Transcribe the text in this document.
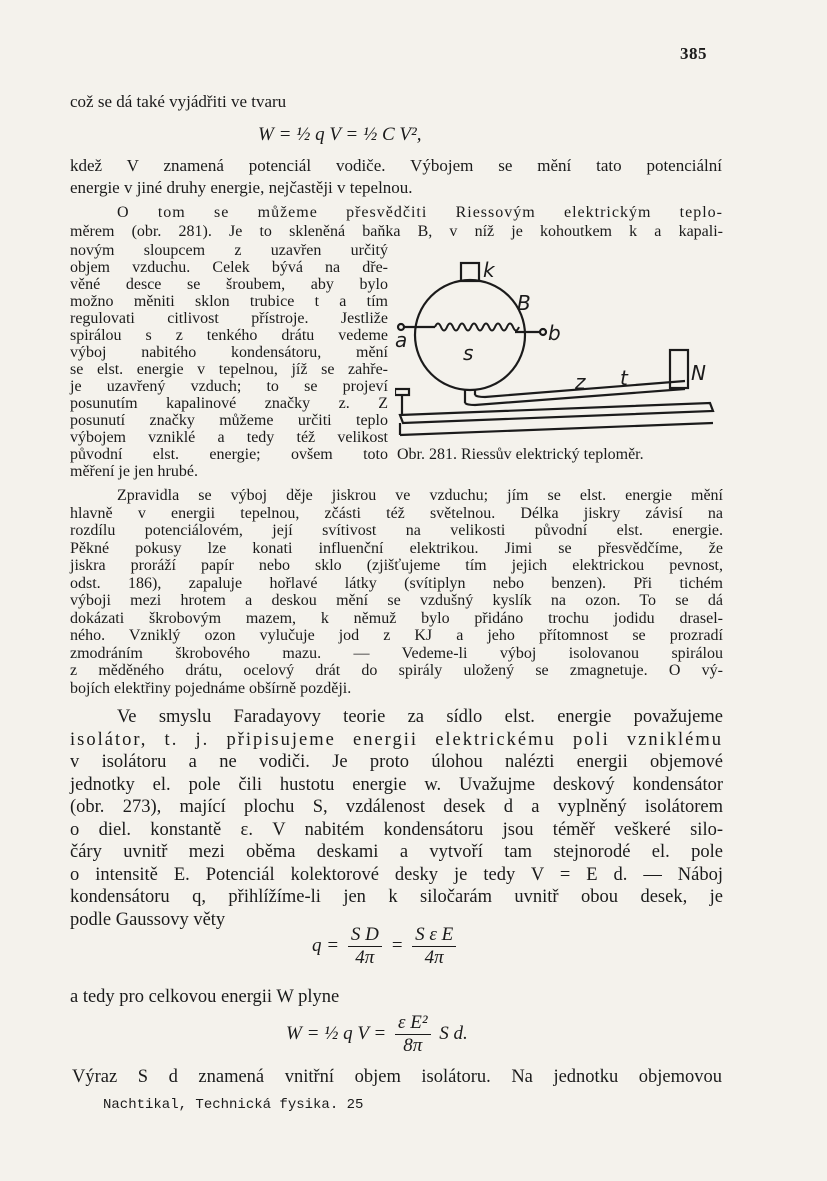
385
což se dá také vyjádřiti ve tvaru
W = ½ q V = ½ C V²,
kdež V znamená potenciál vodiče. Výbojem se mění tato potenciální
energie v jiné druhy energie, nejčastěji v tepelnou.
O tom se můžeme přesvědčiti Riessovým elektrickým teplo-
měrem (obr. 281). Je to skleněná baňka B, v níž je kohoutkem k a kapali-
novým sloupcem z uzavřen určitý
objem vzduchu. Celek bývá na dře-
věné desce se šroubem, aby bylo
možno měniti sklon trubice t a tím
regulovati citlivost přístroje. Jestliže
spirálou s z tenkého drátu vedeme
výboj nabitého kondensátoru, mění
se elst. energie v tepelnou, jíž se zahře-
je uzavřený vzduch; to se projeví
posunutím kapalinové značky z. Z
posunutí značky můžeme určiti teplo
výbojem vzniklé a tedy též velikost
původní elst. energie; ovšem toto
měření je jen hrubé.
k
B
b
a
s
z t	N
Obr. 281. Riessův elektrický teploměr.
Zpravidla se výboj děje jiskrou ve vzduchu; jím se elst. energie mění
hlavně v energii tepelnou, zčásti též světelnou. Délka jiskry závisí na
rozdílu potenciálovém, její svítivost na velikosti původní elst. energie.
Pěkné pokusy lze konati influenční elektrikou. Jimi se přesvědčíme, že
jiskra proráží papír nebo sklo (zjišťujeme tím jejich elektrickou pevnost,
odst. 186), zapaluje hořlavé látky (svítiplyn nebo benzen). Při tichém
výboji mezi hrotem a deskou mění se vzdušný kyslík na ozon. To se dá
dokázati škrobovým mazem, k němuž bylo přidáno trochu jodidu drasel-
ného. Vzniklý ozon vylučuje jod z KJ a jeho přítomnost se prozradí
zmodráním škrobového mazu. — Vedeme-li výboj isolovanou spirálou
z měděného drátu, ocelový drát do spirály uložený se zmagnetuje. O vý-
bojích elektřiny pojednáme obšírně později.
Ve smyslu Faradayovy teorie za sídlo elst. energie považujeme
isolátor, t. j. připisujeme energii elektrickému poli vzniklému
v isolátoru a ne vodiči. Je proto úlohou nalézti energii objemové
jednotky el. pole čili hustotu energie w. Uvažujme deskový kondensátor
(obr. 273), mající plochu S, vzdálenost desek d a vyplněný isolátorem
o diel. konstantě ε. V nabitém kondensátoru jsou téměř veškeré silo-
čáry uvnitř mezi oběma deskami a vytvoří tam stejnorodé el. pole
o intensitě E. Potenciál kolektorové desky je tedy V = E d. — Náboj
kondensátoru q, přihlížíme-li jen k siločarám uvnitř obou desek, je
podle Gaussovy věty
$q = \frac{\text{S D}}{4\pi} = \frac{\text{S ε E}}{4\pi}$
a tedy pro celkovou energii W plyne
W = ½ q $V = \frac{\text{ε E²}}{8\pi}$ S d.
Výraz S d znamená vnitřní objem isolátoru. Na jednotku objemovou
Nachtikal, Technická fysika. 25
